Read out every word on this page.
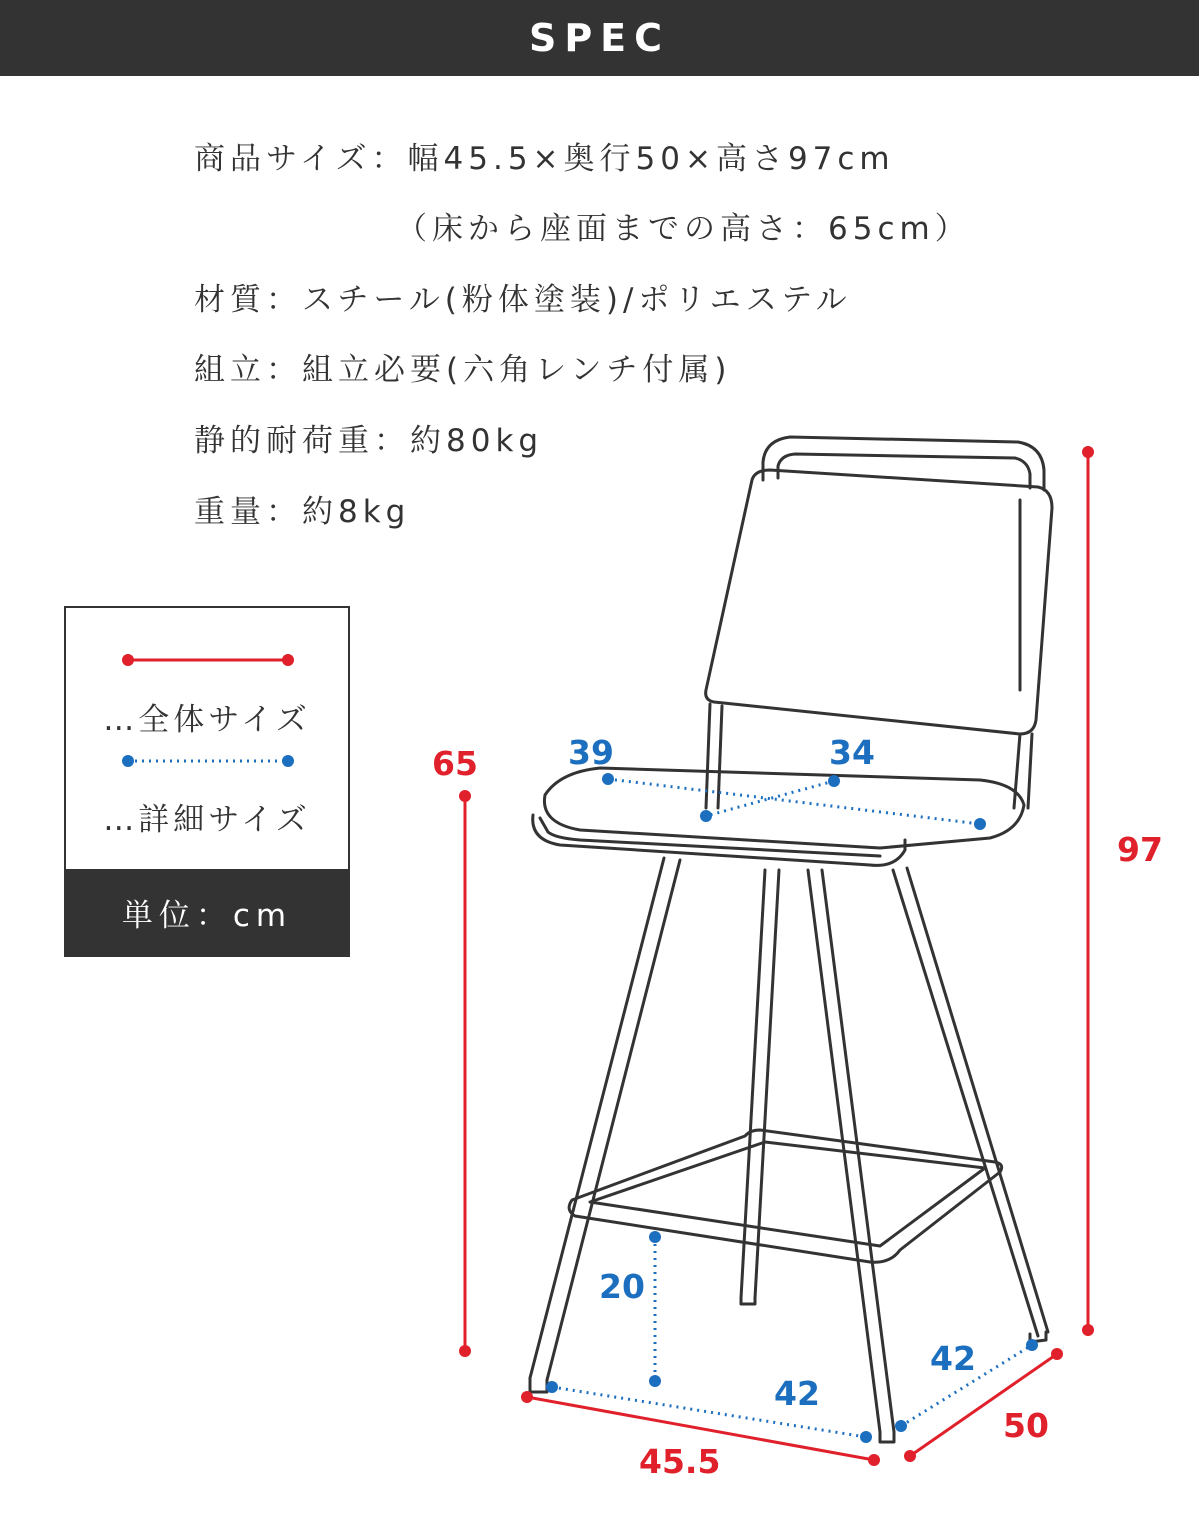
SPEC
商品サイズ：幅45.5×奥行50×高さ97cm
（床から座面までの高さ：65cm）
材質：スチール(粉体塗装)/ポリエステル
組立：組立必要(六角レンチ付属)
静的耐荷重：約80kg
重量：約8kg
…全体サイズ
…詳細サイズ
単位：cm
97
65
45.5
50
39	34
20
42
42
